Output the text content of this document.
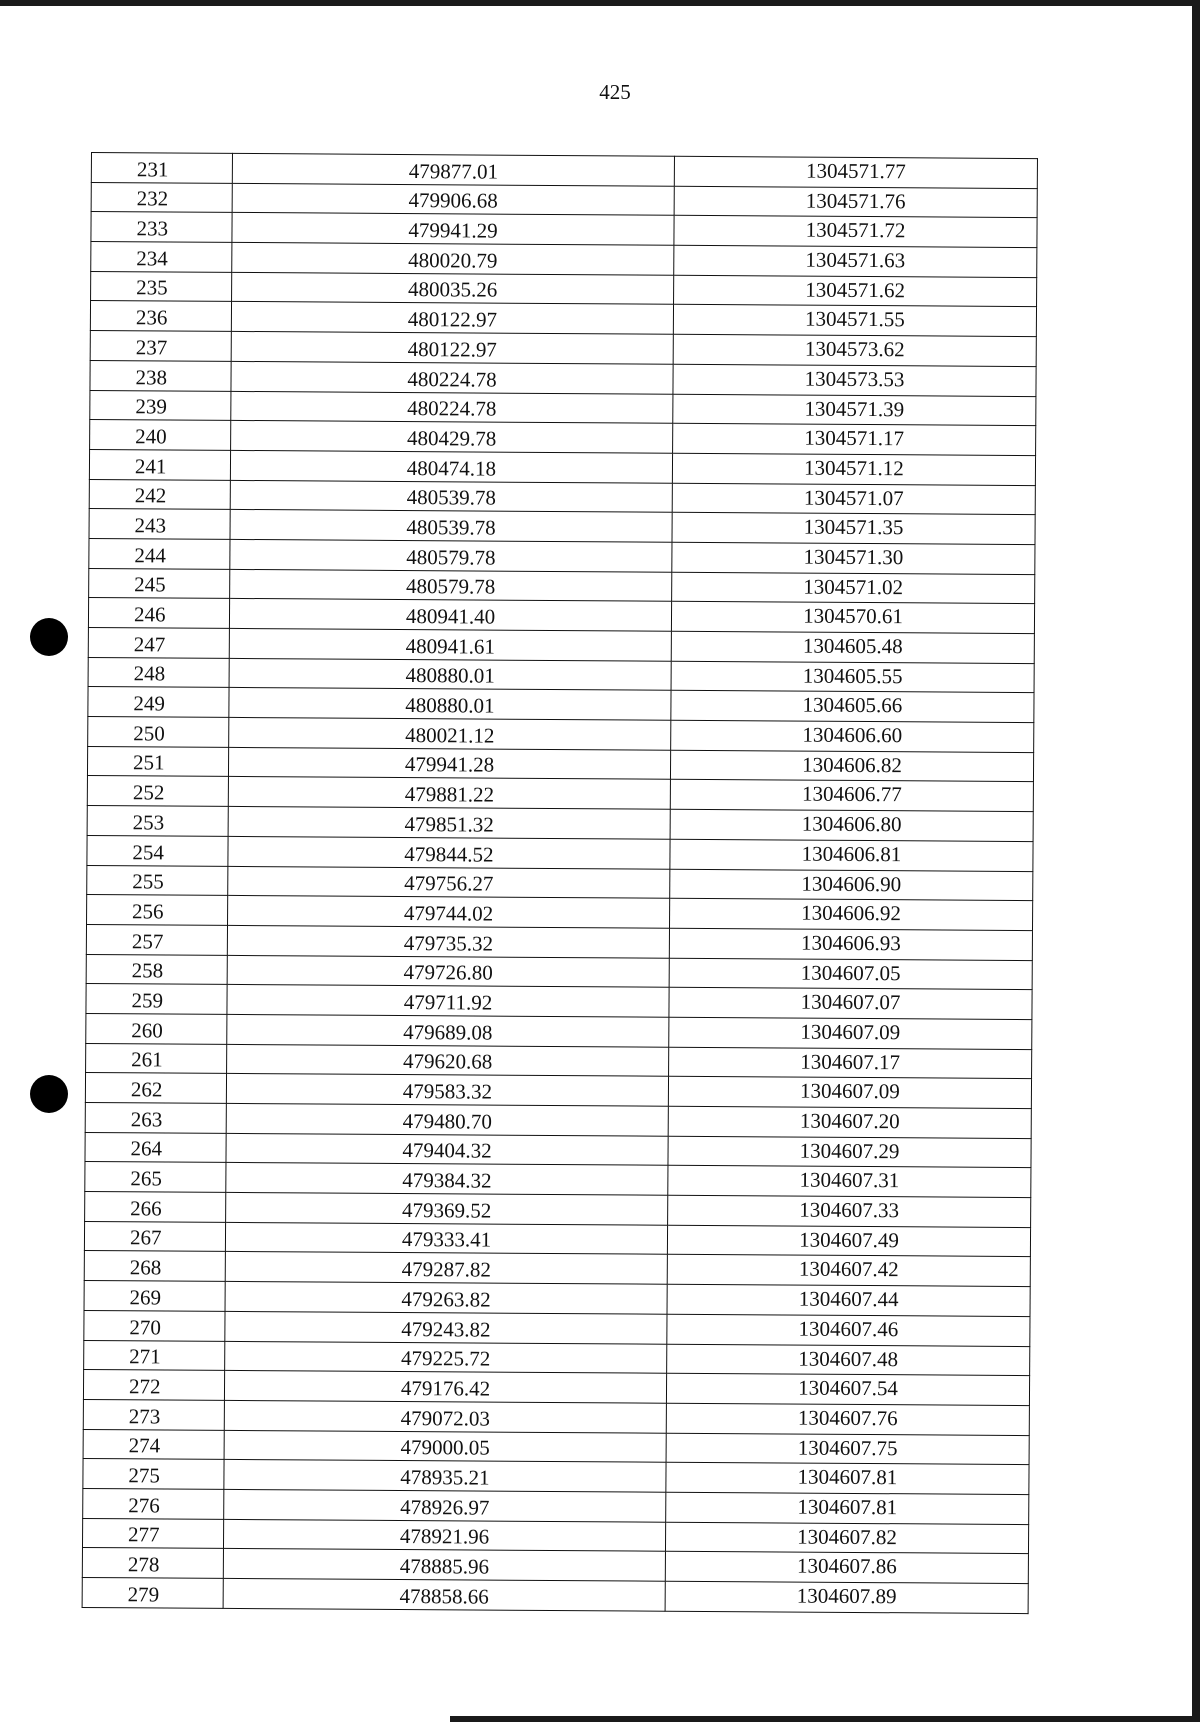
425
231	479877.01	1304571.77
232	479906.68	1304571.76
233	479941.29	1304571.72
234	480020.79	1304571.63
235	480035.26	1304571.62
236	480122.97	1304571.55
237	480122.97	1304573.62
238	480224.78	1304573.53
239	480224.78	1304571.39
240	480429.78	1304571.17
241	480474.18	1304571.12
242	480539.78	1304571.07
243	480539.78	1304571.35
244	480579.78	1304571.30
245	480579.78	1304571.02
246	480941.40	1304570.61
247	480941.61	1304605.48
248	480880.01	1304605.55
249	480880.01	1304605.66
250	480021.12	1304606.60
251	479941.28	1304606.82
252	479881.22	1304606.77
253	479851.32	1304606.80
254	479844.52	1304606.81
255	479756.27	1304606.90
256	479744.02	1304606.92
257	479735.32	1304606.93
258	479726.80	1304607.05
259	479711.92	1304607.07
260	479689.08	1304607.09
261	479620.68	1304607.17
262	479583.32	1304607.09
263	479480.70	1304607.20
264	479404.32	1304607.29
265	479384.32	1304607.31
266	479369.52	1304607.33
267	479333.41	1304607.49
268	479287.82	1304607.42
269	479263.82	1304607.44
270	479243.82	1304607.46
271	479225.72	1304607.48
272	479176.42	1304607.54
273	479072.03	1304607.76
274	479000.05	1304607.75
275	478935.21	1304607.81
276	478926.97	1304607.81
277	478921.96	1304607.82
278	478885.96	1304607.86
279	478858.66	1304607.89
